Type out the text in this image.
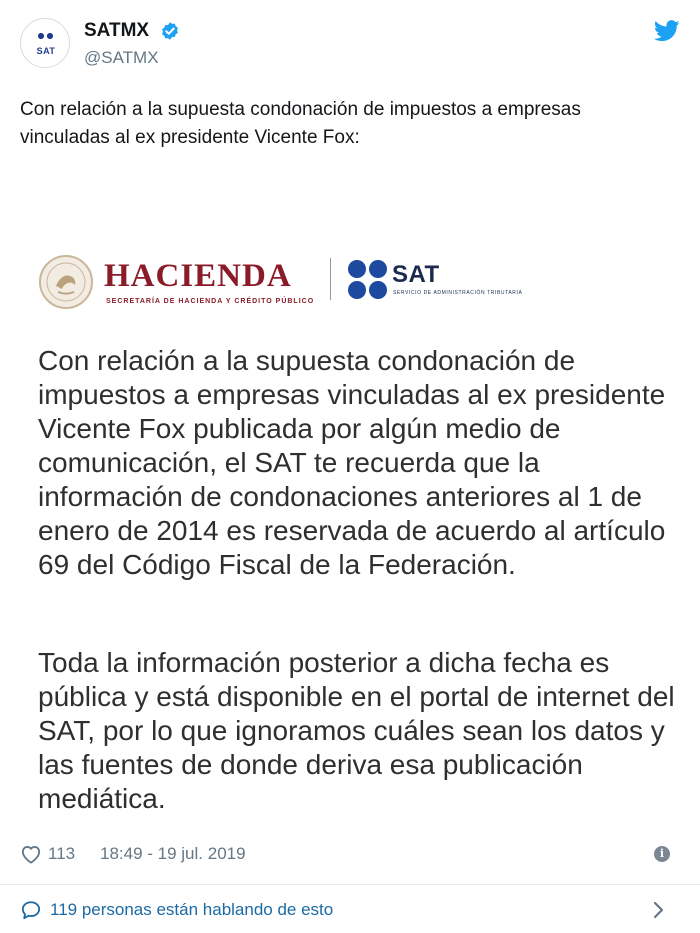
SAT
SATMX
@SATMX
Con relación a la supuesta condonación de impuestos a empresas vinculadas al ex presidente Vicente Fox:
HACIENDA
SECRETARÍA DE HACIENDA Y CRÉDITO PÚBLICO
SAT
SERVICIO DE ADMINISTRACIÓN TRIBUTARIA
Con relación a la supuesta condonación de impuestos a empresas vinculadas al ex presidente Vicente Fox publicada por algún medio de comunicación, el SAT te recuerda que la información de condonaciones anteriores al 1 de enero de 2014 es reservada de acuerdo al artículo 69 del Código Fiscal de la Federación.
Toda la información posterior a dicha fecha es pública y está disponible en el portal de internet del SAT, por lo que ignoramos cuáles sean los datos y las fuentes de donde deriva esa publicación mediática.
113 18:49 - 19 jul. 2019	i
119 personas están hablando de esto
